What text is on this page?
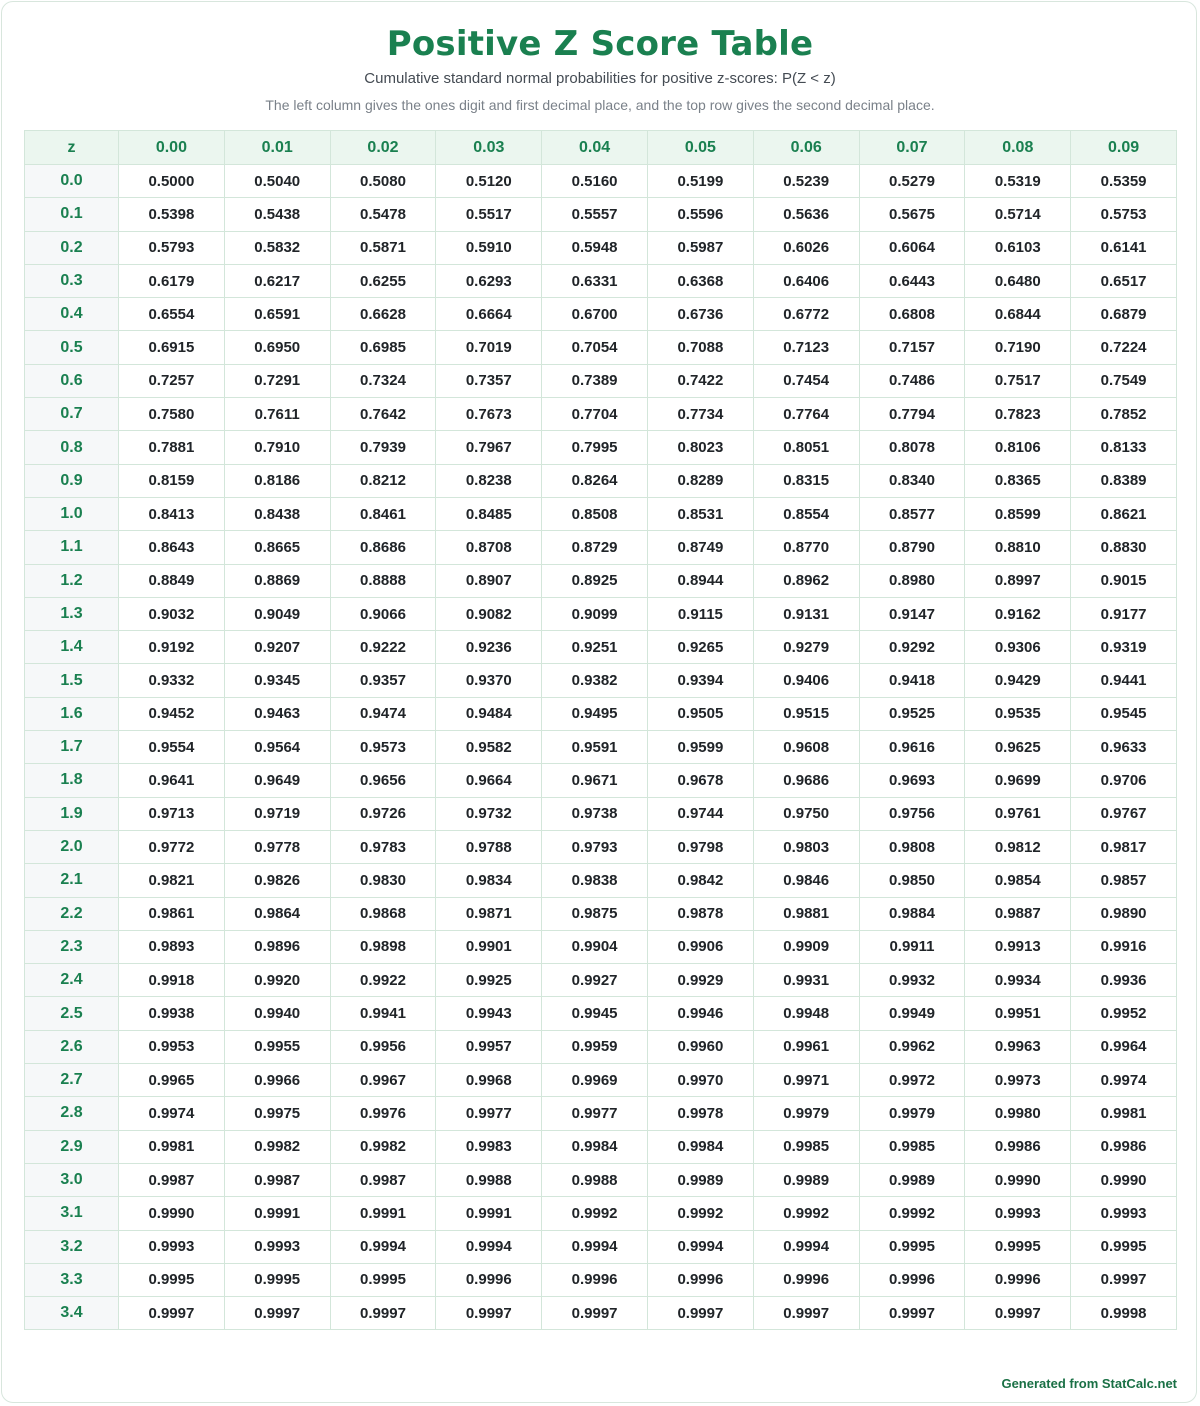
Positive Z Score Table
Cumulative standard normal probabilities for positive z-scores: P(Z < z)
The left column gives the ones digit and first decimal place, and the top row gives the second decimal place.
z	0.00	0.01	0.02	0.03	0.04	0.05	0.06	0.07	0.08	0.09
0.0	0.5000	0.5040	0.5080	0.5120	0.5160	0.5199	0.5239	0.5279	0.5319	0.5359
0.1	0.5398	0.5438	0.5478	0.5517	0.5557	0.5596	0.5636	0.5675	0.5714	0.5753
0.2	0.5793	0.5832	0.5871	0.5910	0.5948	0.5987	0.6026	0.6064	0.6103	0.6141
0.3	0.6179	0.6217	0.6255	0.6293	0.6331	0.6368	0.6406	0.6443	0.6480	0.6517
0.4	0.6554	0.6591	0.6628	0.6664	0.6700	0.6736	0.6772	0.6808	0.6844	0.6879
0.5	0.6915	0.6950	0.6985	0.7019	0.7054	0.7088	0.7123	0.7157	0.7190	0.7224
0.6	0.7257	0.7291	0.7324	0.7357	0.7389	0.7422	0.7454	0.7486	0.7517	0.7549
0.7	0.7580	0.7611	0.7642	0.7673	0.7704	0.7734	0.7764	0.7794	0.7823	0.7852
0.8	0.7881	0.7910	0.7939	0.7967	0.7995	0.8023	0.8051	0.8078	0.8106	0.8133
0.9	0.8159	0.8186	0.8212	0.8238	0.8264	0.8289	0.8315	0.8340	0.8365	0.8389
1.0	0.8413	0.8438	0.8461	0.8485	0.8508	0.8531	0.8554	0.8577	0.8599	0.8621
1.1	0.8643	0.8665	0.8686	0.8708	0.8729	0.8749	0.8770	0.8790	0.8810	0.8830
1.2	0.8849	0.8869	0.8888	0.8907	0.8925	0.8944	0.8962	0.8980	0.8997	0.9015
1.3	0.9032	0.9049	0.9066	0.9082	0.9099	0.9115	0.9131	0.9147	0.9162	0.9177
1.4	0.9192	0.9207	0.9222	0.9236	0.9251	0.9265	0.9279	0.9292	0.9306	0.9319
1.5	0.9332	0.9345	0.9357	0.9370	0.9382	0.9394	0.9406	0.9418	0.9429	0.9441
1.6	0.9452	0.9463	0.9474	0.9484	0.9495	0.9505	0.9515	0.9525	0.9535	0.9545
1.7	0.9554	0.9564	0.9573	0.9582	0.9591	0.9599	0.9608	0.9616	0.9625	0.9633
1.8	0.9641	0.9649	0.9656	0.9664	0.9671	0.9678	0.9686	0.9693	0.9699	0.9706
1.9	0.9713	0.9719	0.9726	0.9732	0.9738	0.9744	0.9750	0.9756	0.9761	0.9767
2.0	0.9772	0.9778	0.9783	0.9788	0.9793	0.9798	0.9803	0.9808	0.9812	0.9817
2.1	0.9821	0.9826	0.9830	0.9834	0.9838	0.9842	0.9846	0.9850	0.9854	0.9857
2.2	0.9861	0.9864	0.9868	0.9871	0.9875	0.9878	0.9881	0.9884	0.9887	0.9890
2.3	0.9893	0.9896	0.9898	0.9901	0.9904	0.9906	0.9909	0.9911	0.9913	0.9916
2.4	0.9918	0.9920	0.9922	0.9925	0.9927	0.9929	0.9931	0.9932	0.9934	0.9936
2.5	0.9938	0.9940	0.9941	0.9943	0.9945	0.9946	0.9948	0.9949	0.9951	0.9952
2.6	0.9953	0.9955	0.9956	0.9957	0.9959	0.9960	0.9961	0.9962	0.9963	0.9964
2.7	0.9965	0.9966	0.9967	0.9968	0.9969	0.9970	0.9971	0.9972	0.9973	0.9974
2.8	0.9974	0.9975	0.9976	0.9977	0.9977	0.9978	0.9979	0.9979	0.9980	0.9981
2.9	0.9981	0.9982	0.9982	0.9983	0.9984	0.9984	0.9985	0.9985	0.9986	0.9986
3.0	0.9987	0.9987	0.9987	0.9988	0.9988	0.9989	0.9989	0.9989	0.9990	0.9990
3.1	0.9990	0.9991	0.9991	0.9991	0.9992	0.9992	0.9992	0.9992	0.9993	0.9993
3.2	0.9993	0.9993	0.9994	0.9994	0.9994	0.9994	0.9994	0.9995	0.9995	0.9995
3.3	0.9995	0.9995	0.9995	0.9996	0.9996	0.9996	0.9996	0.9996	0.9996	0.9997
3.4	0.9997	0.9997	0.9997	0.9997	0.9997	0.9997	0.9997	0.9997	0.9997	0.9998
Generated from StatCalc.net
